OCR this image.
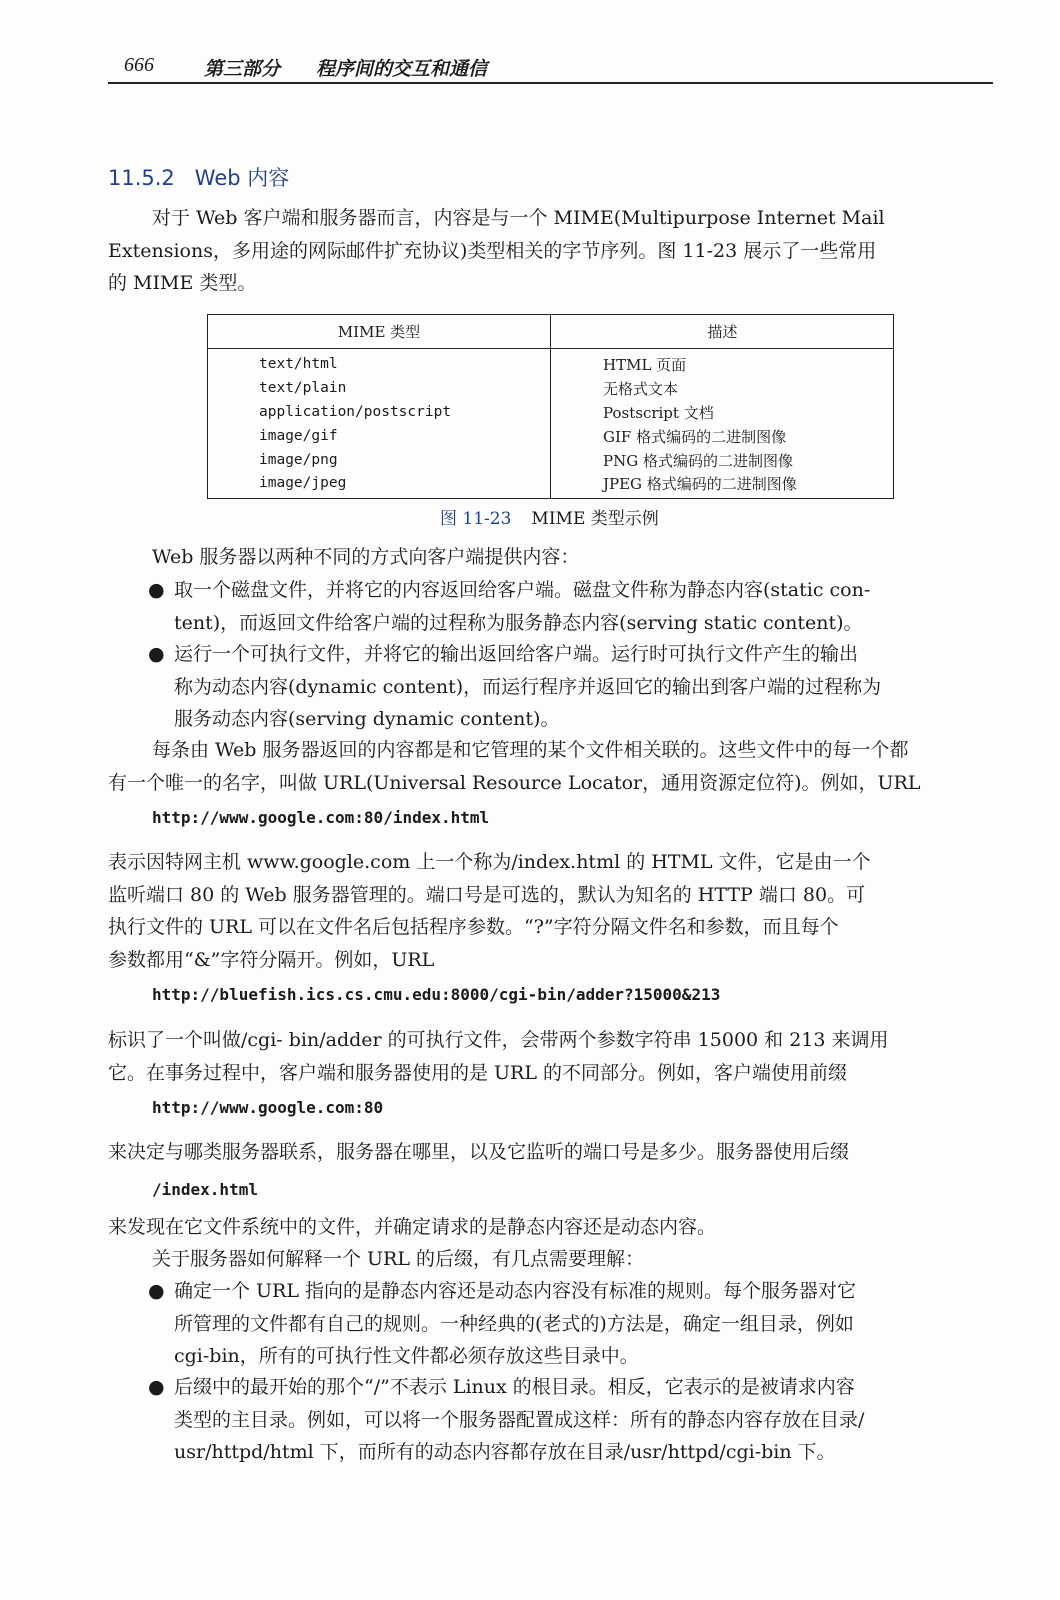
666	第三部分 程序间的交互和通信
11.5.2 Web 内容
对于 Web 客户端和服务器而言，内容是与一个 MIME(Multipurpose Internet Mail
Extensions，多用途的网际邮件扩充协议)类型相关的字节序列。图 11-23 展示了一些常用
的 MIME 类型。
MIME 类型	描述
text/html	HTML 页面
text/plain	无格式文本
application/postscript	Postscript 文档
image/gif	GIF 格式编码的二进制图像
image/png	PNG 格式编码的二进制图像
image/jpeg	JPEG 格式编码的二进制图像
图 11-23 MIME 类型示例
Web 服务器以两种不同的方式向客户端提供内容：
● 取一个磁盘文件，并将它的内容返回给客户端。磁盘文件称为静态内容(static con-
tent)，而返回文件给客户端的过程称为服务静态内容(serving static content)。
● 运行一个可执行文件，并将它的输出返回给客户端。运行时可执行文件产生的输出
称为动态内容(dynamic content)，而运行程序并返回它的输出到客户端的过程称为
服务动态内容(serving dynamic content)。
每条由 Web 服务器返回的内容都是和它管理的某个文件相关联的。这些文件中的每一个都
有一个唯一的名字，叫做 URL(Universal Resource Locator，通用资源定位符)。例如，URL
http://www.google.com:80/index.html
表示因特网主机 www.google.com 上一个称为/index.html 的 HTML 文件，它是由一个
监听端口 80 的 Web 服务器管理的。端口号是可选的，默认为知名的 HTTP 端口 80。可
执行文件的 URL 可以在文件名后包括程序参数。“?”字符分隔文件名和参数，而且每个
参数都用“&”字符分隔开。例如，URL
http://bluefish.ics.cs.cmu.edu:8000/cgi-bin/adder?15000&213
标识了一个叫做/cgi- bin/adder 的可执行文件，会带两个参数字符串 15000 和 213 来调用
它。在事务过程中，客户端和服务器使用的是 URL 的不同部分。例如，客户端使用前缀
http://www.google.com:80
来决定与哪类服务器联系，服务器在哪里，以及它监听的端口号是多少。服务器使用后缀
/index.html
来发现在它文件系统中的文件，并确定请求的是静态内容还是动态内容。
关于服务器如何解释一个 URL 的后缀，有几点需要理解：
● 确定一个 URL 指向的是静态内容还是动态内容没有标准的规则。每个服务器对它
所管理的文件都有自己的规则。一种经典的(老式的)方法是，确定一组目录，例如
cgi-bin，所有的可执行性文件都必须存放这些目录中。
● 后缀中的最开始的那个“/”不表示 Linux 的根目录。相反，它表示的是被请求内容
类型的主目录。例如，可以将一个服务器配置成这样：所有的静态内容存放在目录/
usr/httpd/html 下，而所有的动态内容都存放在目录/usr/httpd/cgi-bin 下。
